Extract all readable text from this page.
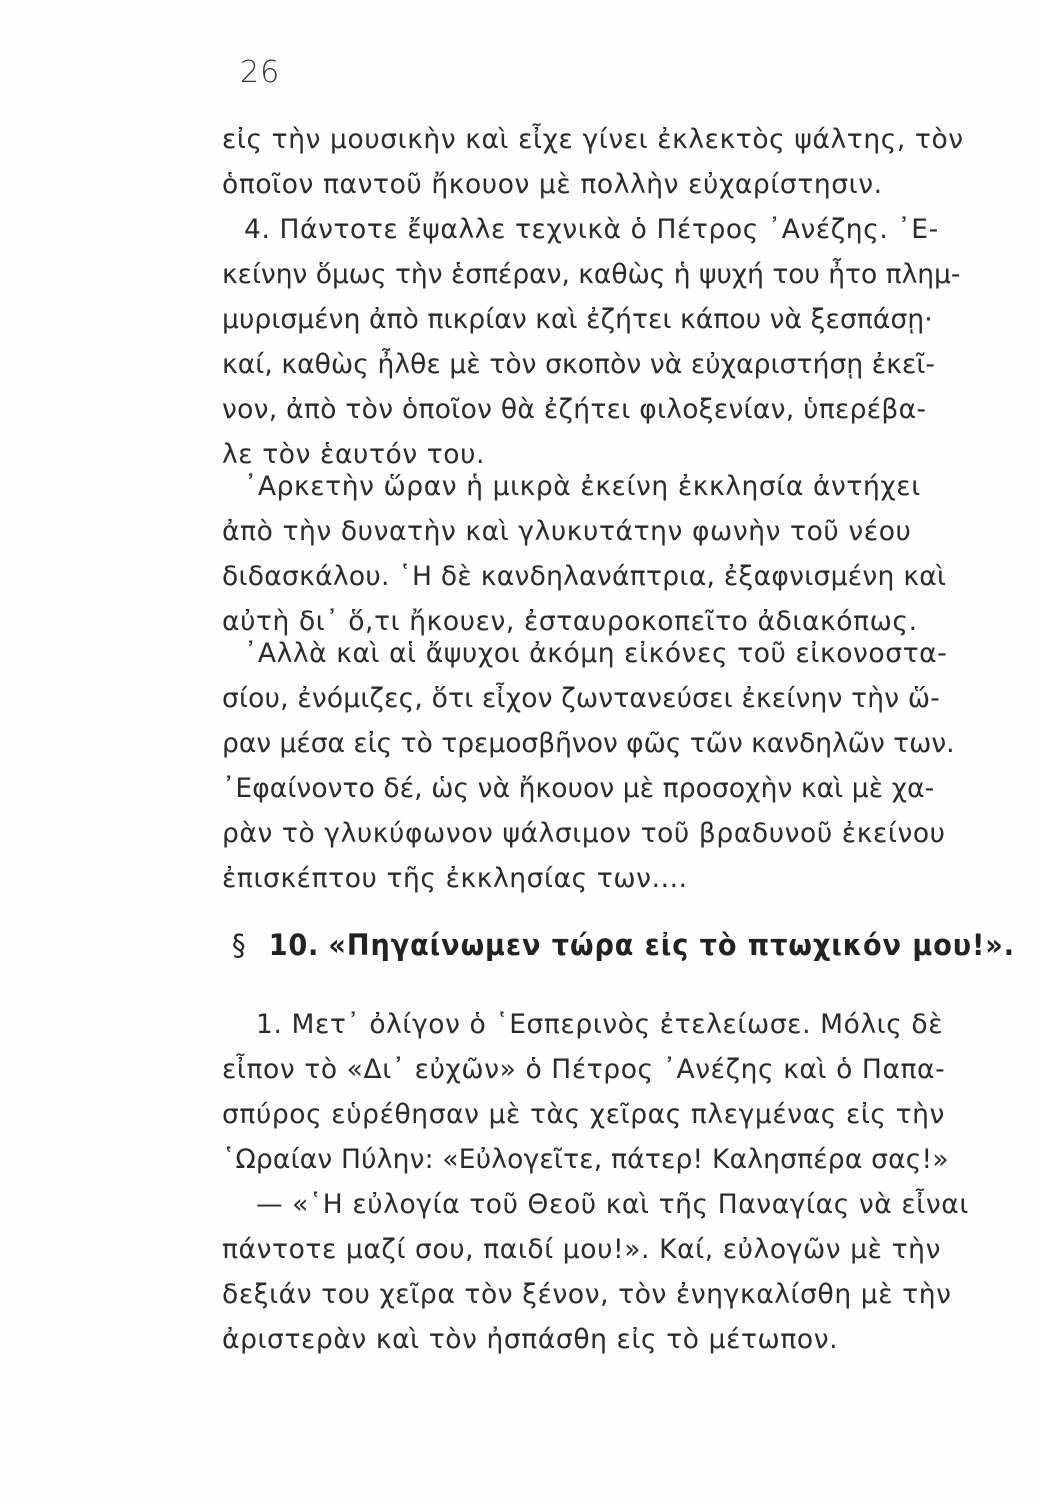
26
εἰς τὴν μουσικὴν καὶ εἶχε γίνει ἐκλεκτὸς ψάλτης, τὸν
ὁποῖον παντοῦ ἤκουον μὲ πολλὴν εὐχαρίστησιν.
4. Πάντοτε ἔψαλλε τεχνικὰ ὁ Πέτρος ᾿Ανέζης. ᾿Ε-
κείνην ὅμως τὴν ἑσπέραν, καθὼς ἡ ψυχή του ἦτο πλημ-
μυρισμένη ἀπὸ πικρίαν καὶ ἐζήτει κάπου νὰ ξεσπάσῃ·
καί, καθὼς ἦλθε μὲ τὸν σκοπὸν νὰ εὐχαριστήσῃ ἐκεῖ-
νον, ἀπὸ τὸν ὁποῖον θὰ ἐζήτει φιλοξενίαν, ὑπερέβα-
λε τὸν ἑαυτόν του.
᾿Αρκετὴν ὥραν ἡ μικρὰ ἐκείνη ἐκκλησία ἀντήχει
ἀπὸ τὴν δυνατὴν καὶ γλυκυτάτην φωνὴν τοῦ νέου
διδασκάλου. ῾Η δὲ κανδηλανάπτρια, ἐξαφνισμένη καὶ
αὐτὴ δι᾿ ὅ,τι ἤκουεν, ἐσταυροκοπεῖτο ἀδιακόπως.
᾿Αλλὰ καὶ αἱ ἄψυχοι ἀκόμη εἰκόνες τοῦ εἰκονοστα-
σίου, ἐνόμιζες, ὅτι εἶχον ζωντανεύσει ἐκείνην τὴν ὥ-
ραν μέσα εἰς τὸ τρεμοσβῆνον φῶς τῶν κανδηλῶν των.
᾿Εφαίνοντο δέ, ὡς νὰ ἤκουον μὲ προσοχὴν καὶ μὲ χα-
ρὰν τὸ γλυκύφωνον ψάλσιμον τοῦ βραδυνοῦ ἐκείνου
ἐπισκέπτου τῆς ἐκκλησίας των....
§ 10. «Πηγαίνωμεν τώρα εἰς τὸ πτωχικόν μου!».
1. Μετ᾿ ὀλίγον ὁ ῾Εσπερινὸς ἐτελείωσε. Μόλις δὲ
εἶπον τὸ «Δι᾿ εὐχῶν» ὁ Πέτρος ᾿Ανέζης καὶ ὁ Παπα-
σπύρος εὑρέθησαν μὲ τὰς χεῖρας πλεγμένας εἰς τὴν
῾Ωραίαν Πύλην: «Εὐλογεῖτε, πάτερ! Καλησπέρα σας!»
— «῾Η εὐλογία τοῦ Θεοῦ καὶ τῆς Παναγίας νὰ εἶναι
πάντοτε μαζί σου, παιδί μου!». Καί, εὐλογῶν μὲ τὴν
δεξιάν του χεῖρα τὸν ξένον, τὸν ἐνηγκαλίσθη μὲ τὴν
ἀριστερὰν καὶ τὸν ἠσπάσθη εἰς τὸ μέτωπον.
